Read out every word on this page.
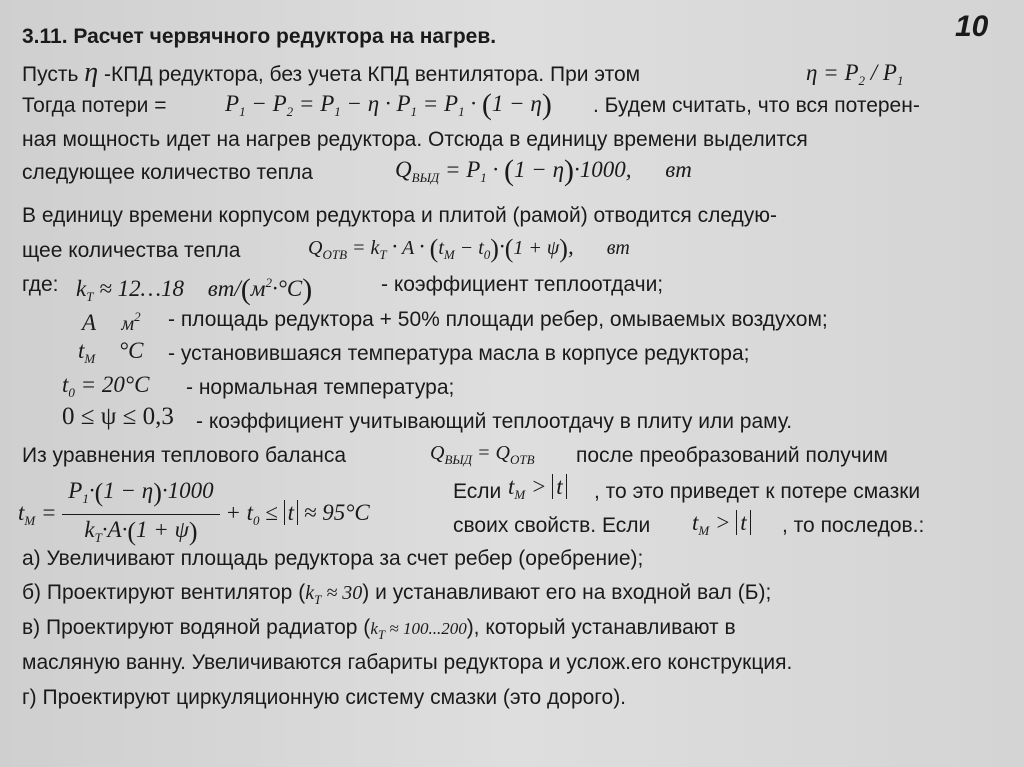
10
3.11. Расчет червячного редуктора на нагрев.
Пусть η -КПД редуктора, без учета КПД вентилятора. При этом	$\eta = P_2 / P_1$
Тогда потери =	$P_1 - P_2 = P_1 - \eta \cdot P_1 = P_1 \cdot (1 - \eta)$ . Будем считать, что вся потерен-
ная мощность идет на нагрев редуктора. Отсюда в единицу времени выделится
следующее количество тепла	$Q_{ВЫД} = P_1 \cdot (1 - \eta)\cdot 1000$, вт
В единицу времени корпусом редуктора и плитой (рамой) отводится следую-
щее количества тепла	$Q_{ОТВ} = k_T \cdot A \cdot (t_M - t_0)\cdot(1 + \psi)$, вт
где: $k_T$ ≈ 12…18 $вт/(м^2\cdot^\circ C)$	- коэффициент теплоотдачи;
A $м^2$ - площадь редуктора + 50% площади ребер, омываемых воздухом;
$t_M$ °C - установившаяся температура масла в корпусе редуктора;
$t_0 = 20^\circ C$ - нормальная температура;
0 ≤ ψ ≤ 0,3 - коэффициент учитывающий теплоотдачу в плиту или раму.
Из уравнения теплового баланса	$Q_{ВЫД} = Q_{ОТВ}$ после преобразований получим
$t_M = \frac{P_1\cdot(1 - \eta)\cdot 1000}{k_T\cdot A\cdot(1 + \psi)} + t_0 \le t \approx 95^\circ C$
Если $t_M > t$ , то это приведет к потере смазки
своих свойств. Если $t_M > t$ , то последов.:
а) Увеличивают площадь редуктора за счет ребер (оребрение);
б) Проектируют вентилятор $(k_T \approx 30)$ и устанавливают его на входной вал (Б);
в) Проектируют водяной радиатор $(k_T \approx 100...200)$, который устанавливают в
масляную ванну. Увеличиваются габариты редуктора и услож.его конструкция.
г) Проектируют циркуляционную систему смазки (это дорого).
